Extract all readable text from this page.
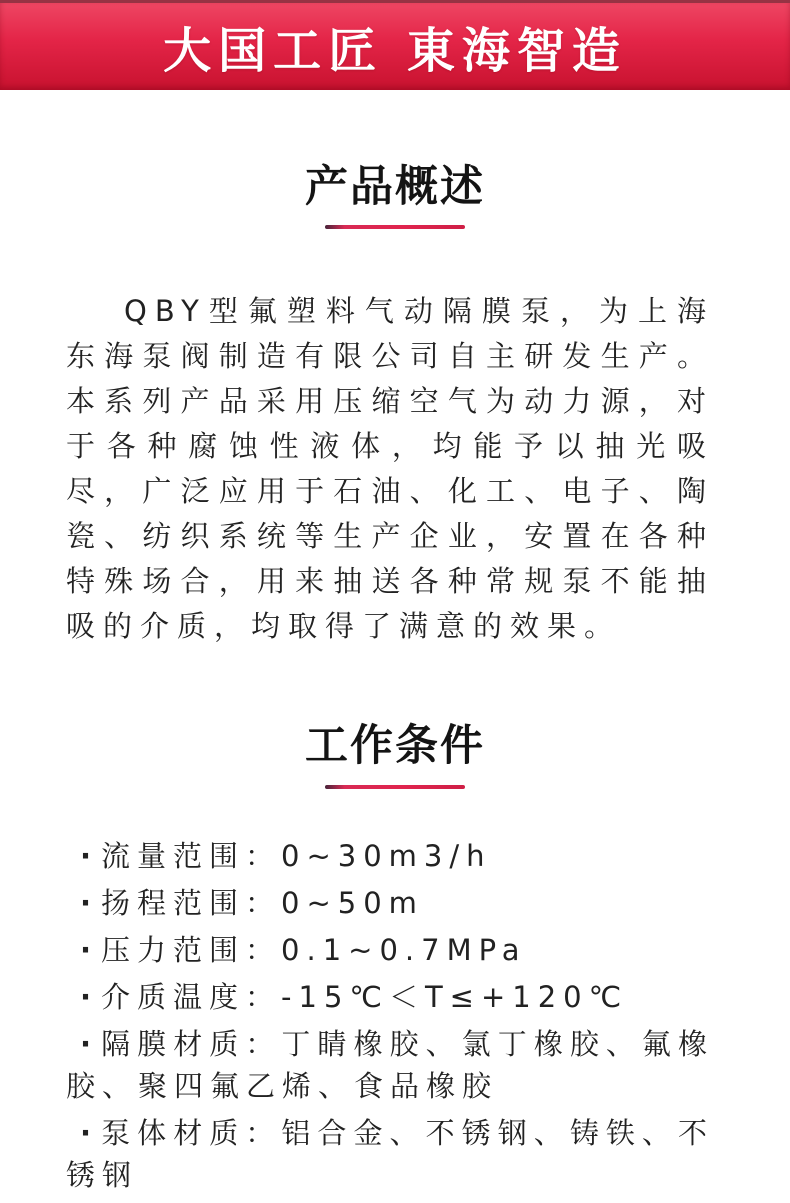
大国工匠 東海智造
产品概述

QBY型氟塑料气动隔膜泵，为上海东海泵阀制造有限公司自主研发生产。本系列产品采用压缩空气为动力源，对于各种腐蚀性液体，均能予以抽光吸尽，广泛应用于石油、化工、电子、陶瓷、纺织系统等生产企业，安置在各种特殊场合，用来抽送各种常规泵不能抽吸的介质，均取得了满意的效果。

工作条件
· 流量范围：0~30m3/h
· 扬程范围：0~50m
· 压力范围：0.1~0.7MPa
· 介质温度：-15℃＜T≤+120℃
· 隔膜材质：丁睛橡胶、氯丁橡胶、氟橡胶、聚四氟乙烯、食品橡胶
· 泵体材质：铝合金、不锈钢、铸铁、不锈钢
